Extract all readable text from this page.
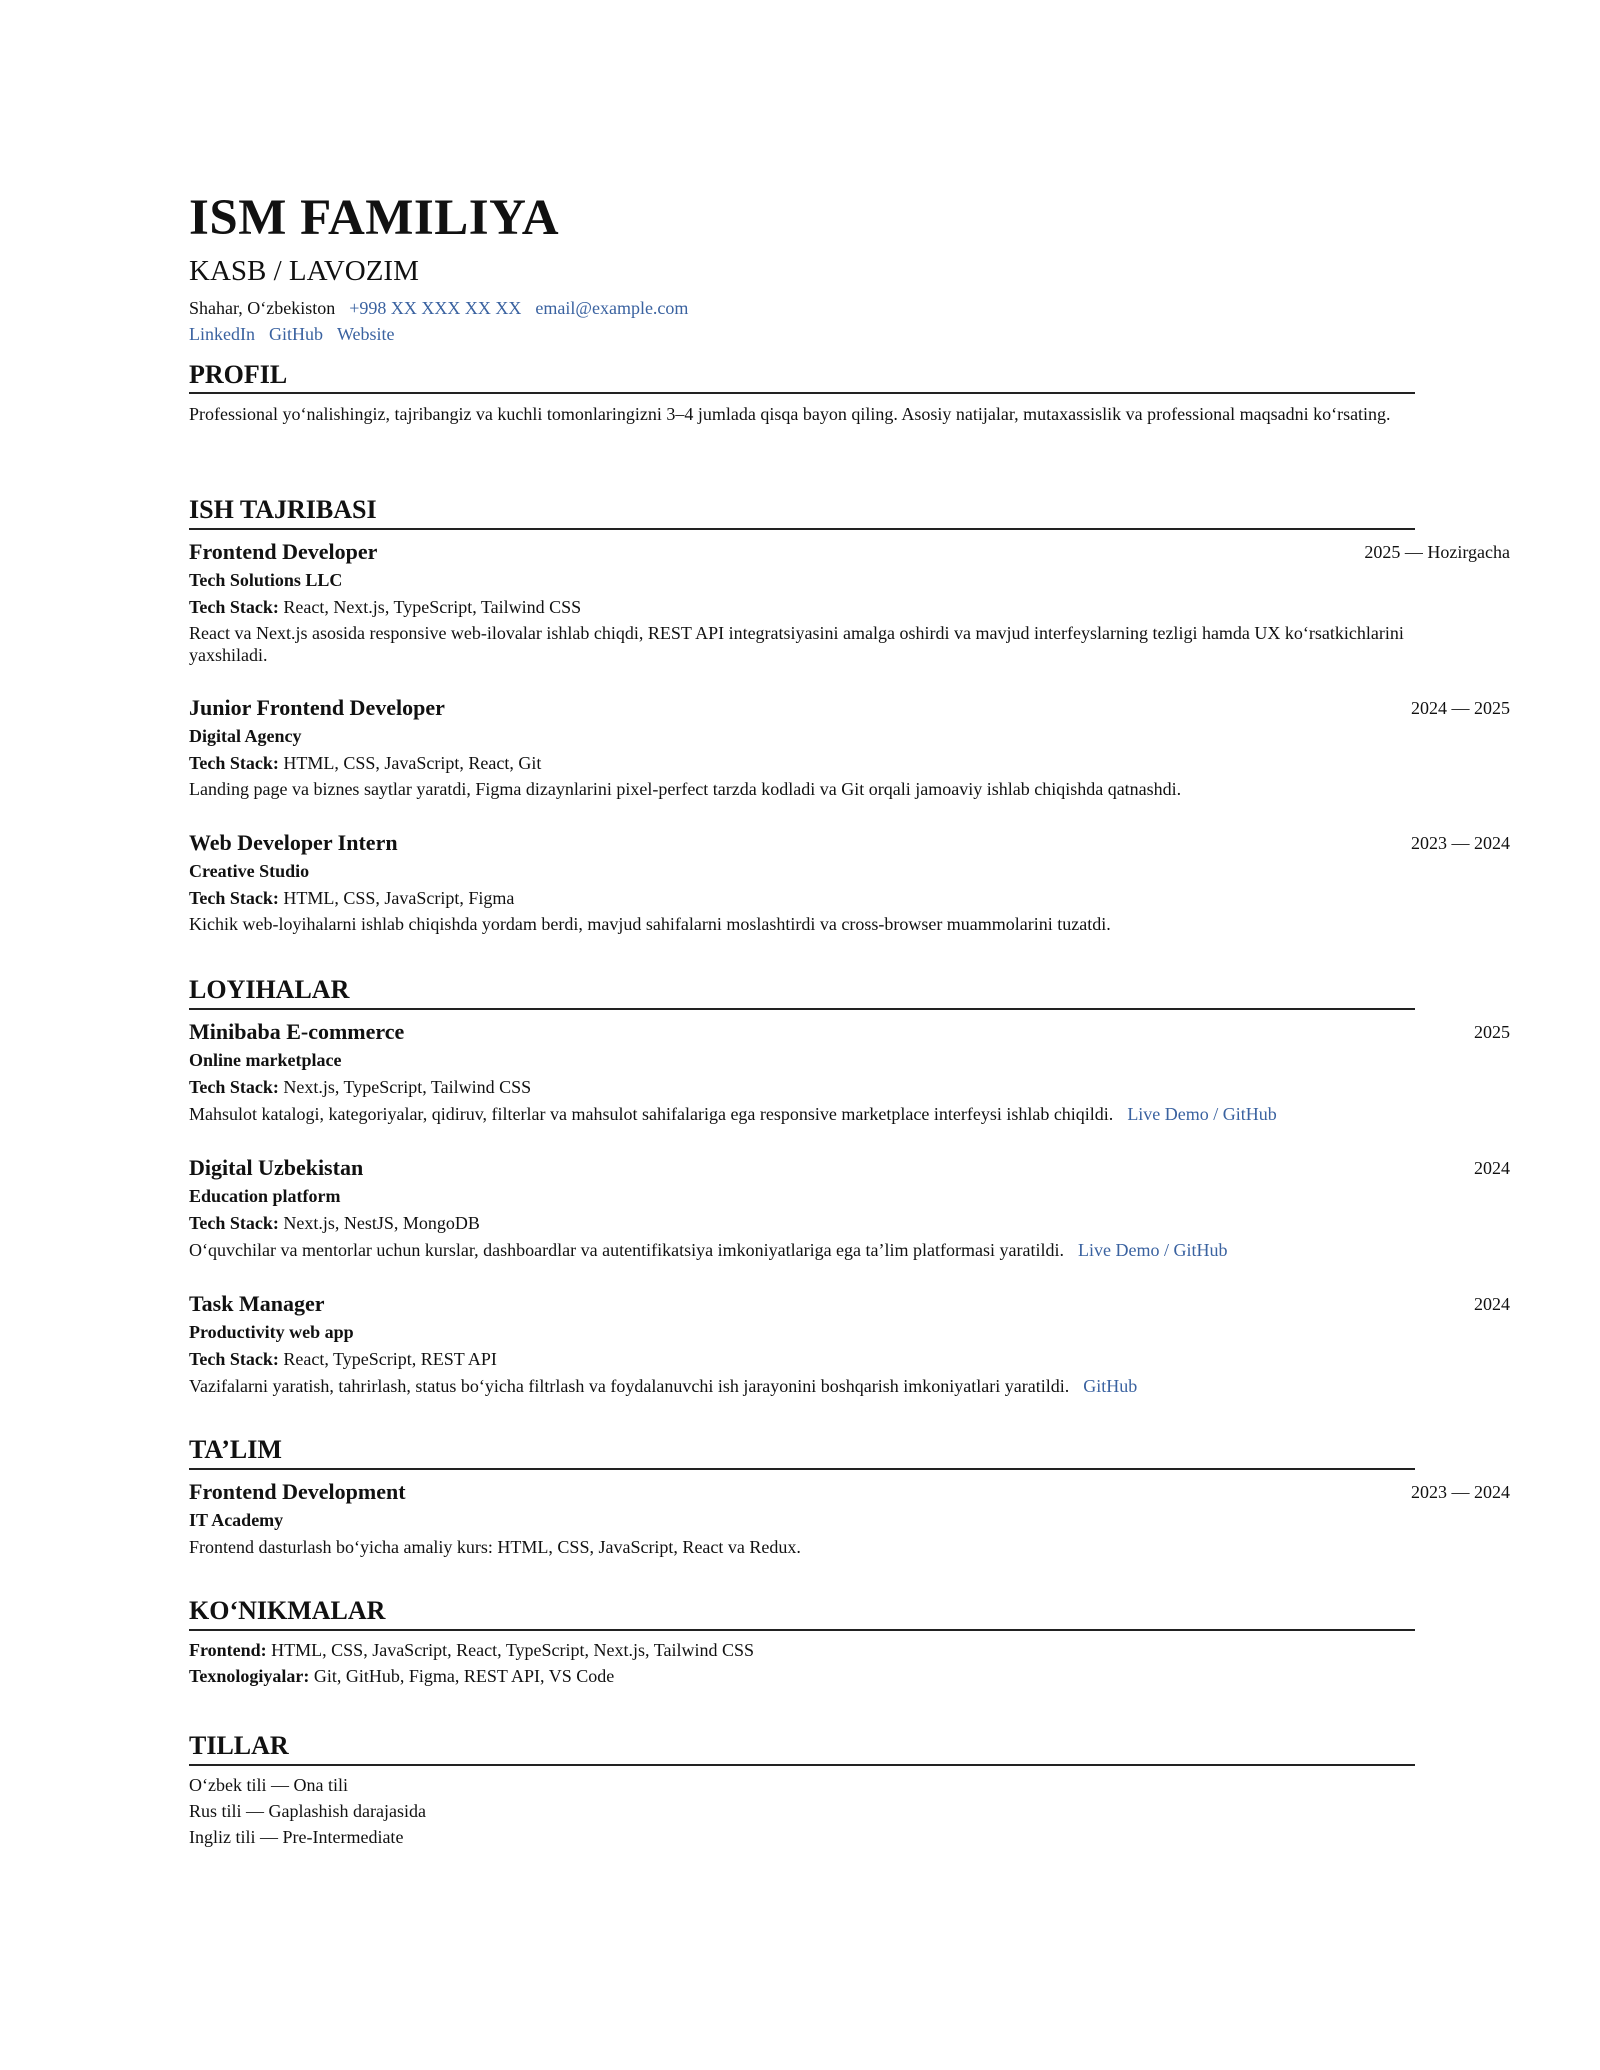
ISM FAMILIYA
KASB / LAVOZIM
Shahar, O‘zbekiston +998 XX XXX XX XX email@example.com
LinkedIn GitHub Website
PROFIL
Professional yo‘nalishingiz, tajribangiz va kuchli tomonlaringizni 3–4 jumlada qisqa bayon qiling. Asosiy natijalar, mutaxassislik va professional maqsadni ko‘rsating.
ISH TAJRIBASI
Frontend Developer	2025 — Hozirgacha
Tech Solutions LLC
Tech Stack: React, Next.js, TypeScript, Tailwind CSS
React va Next.js asosida responsive web-ilovalar ishlab chiqdi, REST API integratsiyasini amalga oshirdi va mavjud interfeyslarning tezligi hamda UX ko‘rsatkichlarini yaxshiladi.
Junior Frontend Developer	2024 — 2025
Digital Agency
Tech Stack: HTML, CSS, JavaScript, React, Git
Landing page va biznes saytlar yaratdi, Figma dizaynlarini pixel-perfect tarzda kodladi va Git orqali jamoaviy ishlab chiqishda qatnashdi.
Web Developer Intern	2023 — 2024
Creative Studio
Tech Stack: HTML, CSS, JavaScript, Figma
Kichik web-loyihalarni ishlab chiqishda yordam berdi, mavjud sahifalarni moslashtirdi va cross-browser muammolarini tuzatdi.
LOYIHALAR
Minibaba E-commerce	2025
Online marketplace
Tech Stack: Next.js, TypeScript, Tailwind CSS
Mahsulot katalogi, kategoriyalar, qidiruv, filterlar va mahsulot sahifalariga ega responsive marketplace interfeysi ishlab chiqildi. Live Demo / GitHub
Digital Uzbekistan	2024
Education platform
Tech Stack: Next.js, NestJS, MongoDB
O‘quvchilar va mentorlar uchun kurslar, dashboardlar va autentifikatsiya imkoniyatlariga ega ta’lim platformasi yaratildi. Live Demo / GitHub
Task Manager	2024
Productivity web app
Tech Stack: React, TypeScript, REST API
Vazifalarni yaratish, tahrirlash, status bo‘yicha filtrlash va foydalanuvchi ish jarayonini boshqarish imkoniyatlari yaratildi. GitHub
TA’LIM
Frontend Development	2023 — 2024
IT Academy
Frontend dasturlash bo‘yicha amaliy kurs: HTML, CSS, JavaScript, React va Redux.
KO‘NIKMALAR
Frontend: HTML, CSS, JavaScript, React, TypeScript, Next.js, Tailwind CSS
Texnologiyalar: Git, GitHub, Figma, REST API, VS Code
TILLAR
O‘zbek tili — Ona tili
Rus tili — Gaplashish darajasida
Ingliz tili — Pre-Intermediate
